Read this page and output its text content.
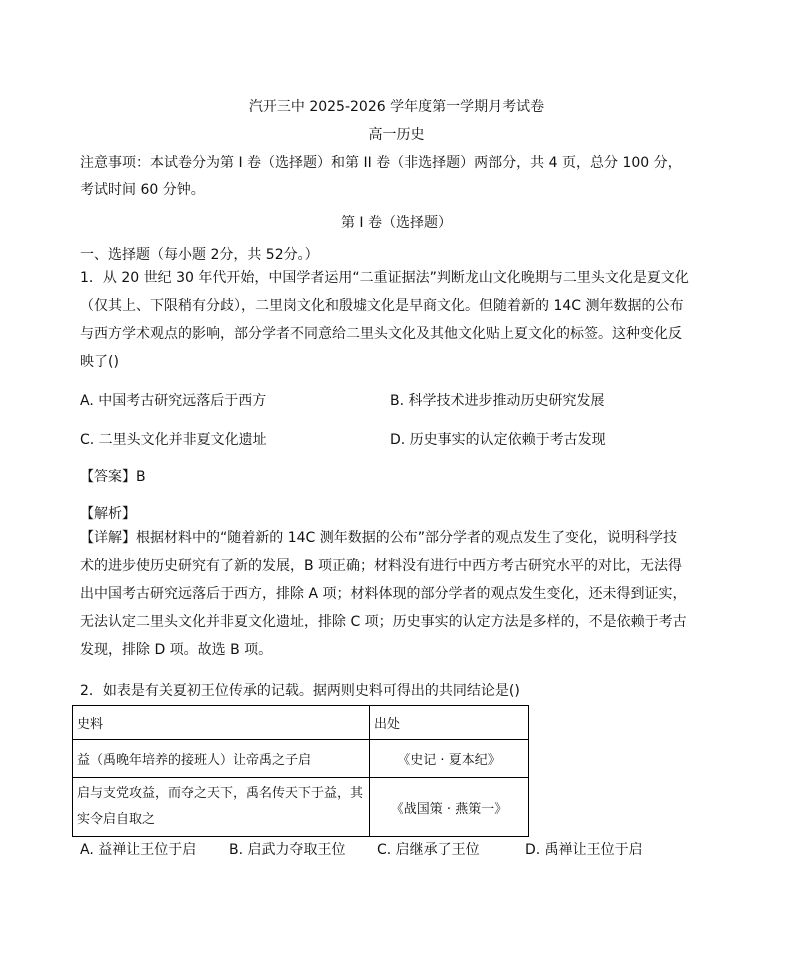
汽开三中 2025-2026 学年度第一学期月考试卷
高一历史
注意事项：本试卷分为第 I 卷（选择题）和第 II 卷（非选择题）两部分，共 4 页，总分 100 分，
考试时间 60 分钟。
第 I 卷（选择题）
一、选择题（每小题 2分，共 52分。）
1．从 20 世纪 30 年代开始，中国学者运用“二重证据法”判断龙山文化晚期与二里头文化是夏文化（仅其上、下限稍有分歧），二里岗文化和殷墟文化是早商文化。但随着新的 14C 测年数据的公布与西方学术观点的影响，部分学者不同意给二里头文化及其他文化贴上夏文化的标签。这种变化反映了()
A. 中国考古研究远落后于西方	B. 科学技术进步推动历史研究发展
C. 二里头文化并非夏文化遗址	D. 历史事实的认定依赖于考古发现
【答案】B
【解析】
【详解】根据材料中的“随着新的 14C 测年数据的公布”部分学者的观点发生了变化，说明科学技术的进步使历史研究有了新的发展，B 项正确；材料没有进行中西方考古研究水平的对比，无法得出中国考古研究远落后于西方，排除 A 项；材料体现的部分学者的观点发生变化，还未得到证实，无法认定二里头文化并非夏文化遗址，排除 C 项；历史事实的认定方法是多样的，不是依赖于考古发现，排除 D 项。故选 B 项。
2．如表是有关夏初王位传承的记载。据两则史料可得出的共同结论是()
史料	出处
益（禹晚年培养的接班人）让帝禹之子启	《史记 · 夏本纪》
启与支党攻益，而夺之天下，禹名传天下于益，其实令启自取之	《战国策 · 燕策一》
A. 益禅让王位于启 B. 启武力夺取王位 C. 启继承了王位	D. 禹禅让王位于启
